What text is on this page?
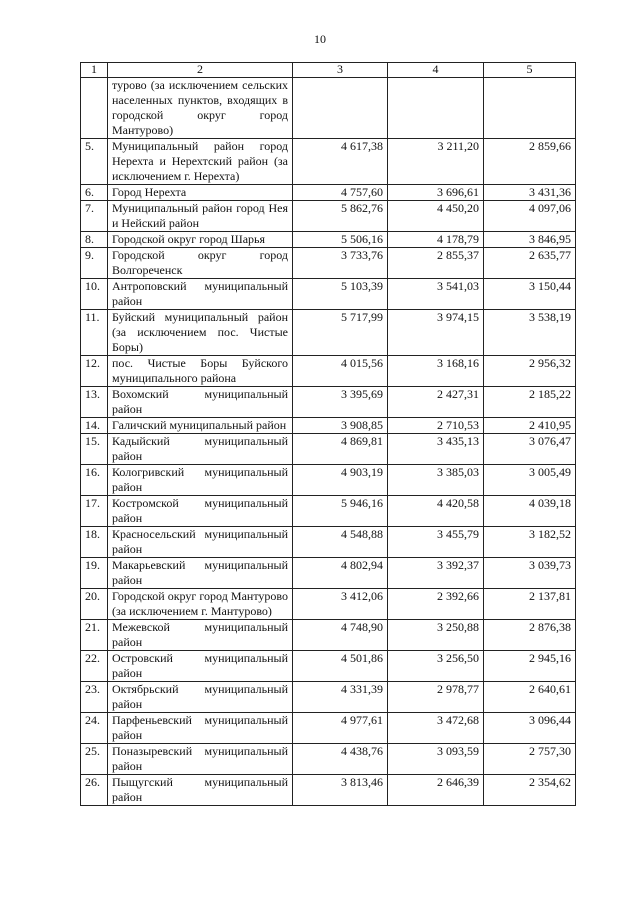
10
1	2	3	4	5
	турово (за исключением сельских населенных пунктов, входящих в городской округ город Мантурово)			
5.	Муниципальный район город Нерехта и Нерехтский район (за исключением г. Нерехта)	4 617,38	3 211,20	2 859,66
6.	Город Нерехта	4 757,60	3 696,61	3 431,36
7.	Муниципальный район город Нея и Нейский район	5 862,76	4 450,20	4 097,06
8.	Городской округ город Шарья	5 506,16	4 178,79	3 846,95
9.	Городской округ город Волгореченск	3 733,76	2 855,37	2 635,77
10.	Антроповский муниципальный район	5 103,39	3 541,03	3 150,44
11.	Буйский муниципальный район (за исключением пос. Чистые Боры)	5 717,99	3 974,15	3 538,19
12.	пос. Чистые Боры Буйского муниципального района	4 015,56	3 168,16	2 956,32
13.	Вохомский муниципальный район	3 395,69	2 427,31	2 185,22
14.	Галичский муниципальный район	3 908,85	2 710,53	2 410,95
15.	Кадыйский муниципальный район	4 869,81	3 435,13	3 076,47
16.	Кологривский муниципальный район	4 903,19	3 385,03	3 005,49
17.	Костромской муниципальный район	5 946,16	4 420,58	4 039,18
18.	Красносельский муниципальный район	4 548,88	3 455,79	3 182,52
19.	Макарьевский муниципальный район	4 802,94	3 392,37	3 039,73
20.	Городской округ город Мантурово (за исключением г. Мантурово)	3 412,06	2 392,66	2 137,81
21.	Межевской муниципальный район	4 748,90	3 250,88	2 876,38
22.	Островский муниципальный район	4 501,86	3 256,50	2 945,16
23.	Октябрьский муниципальный район	4 331,39	2 978,77	2 640,61
24.	Парфеньевский муниципальный район	4 977,61	3 472,68	3 096,44
25.	Поназыревский муниципальный район	4 438,76	3 093,59	2 757,30
26.	Пыщугский муниципальный район	3 813,46	2 646,39	2 354,62
